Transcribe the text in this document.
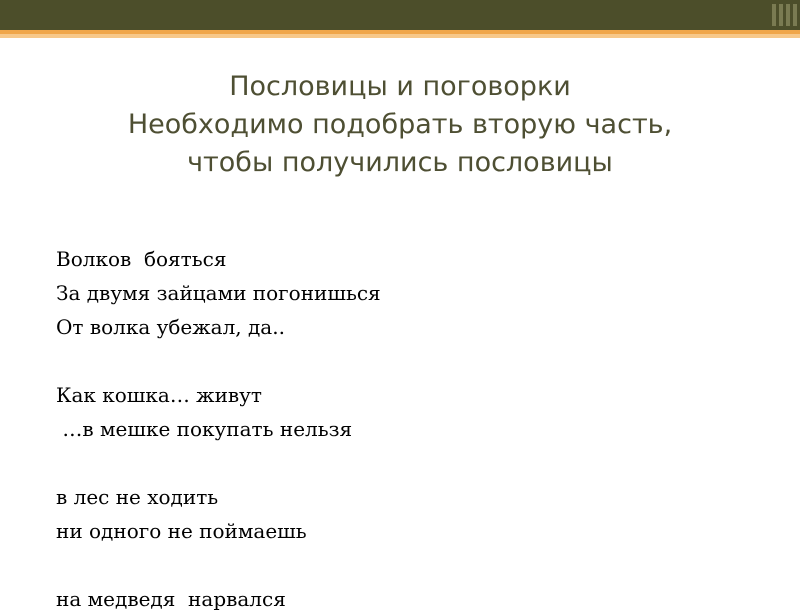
Пословицы и поговорки
Необходимо подобрать вторую часть,
чтобы получились пословицы
Волков  бояться
За двумя зайцами погонишься
От волка убежал, да..
Как кошка… живут
…в мешке покупать нельзя
в лес не ходить
ни одного не поймаешь
на медведя  нарвался
